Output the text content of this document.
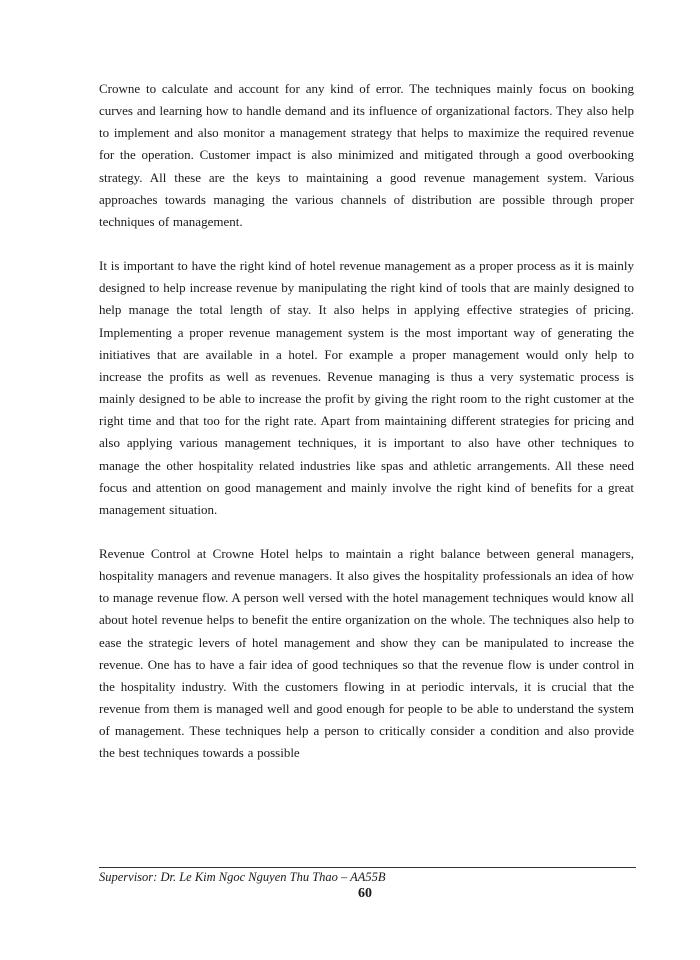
Crowne to calculate and account for any kind of error. The techniques mainly focus on booking curves and learning how to handle demand and its influence of organizational factors. They also help to implement and also monitor a management strategy that helps to maximize the required revenue for the operation. Customer impact is also minimized and mitigated through a good overbooking strategy. All these are the keys to maintaining a good revenue management system. Various approaches towards managing the various channels of distribution are possible through proper techniques of management.

It is important to have the right kind of hotel revenue management as a proper process as it is mainly designed to help increase revenue by manipulating the right kind of tools that are mainly designed to help manage the total length of stay. It also helps in applying effective strategies of pricing. Implementing a proper revenue management system is the most important way of generating the initiatives that are available in a hotel. For example a proper management would only help to increase the profits as well as revenues. Revenue managing is thus a very systematic process is mainly designed to be able to increase the profit by giving the right room to the right customer at the right time and that too for the right rate. Apart from maintaining different strategies for pricing and also applying various management techniques, it is important to also have other techniques to manage the other hospitality related industries like spas and athletic arrangements. All these need focus and attention on good management and mainly involve the right kind of benefits for a great management situation.

Revenue Control at Crowne Hotel helps to maintain a right balance between general managers, hospitality managers and revenue managers. It also gives the hospitality professionals an idea of how to manage revenue flow. A person well versed with the hotel management techniques would know all about hotel revenue helps to benefit the entire organization on the whole. The techniques also help to ease the strategic levers of hotel management and show they can be manipulated to increase the revenue. One has to have a fair idea of good techniques so that the revenue flow is under control in the hospitality industry. With the customers flowing in at periodic intervals, it is crucial that the revenue from them is managed well and good enough for people to be able to understand the system of management. These techniques help a person to critically consider a condition and also provide the best techniques towards a possible

Supervisor: Dr. Le Kim Ngoc Nguyen Thu Thao – AA55B
60
